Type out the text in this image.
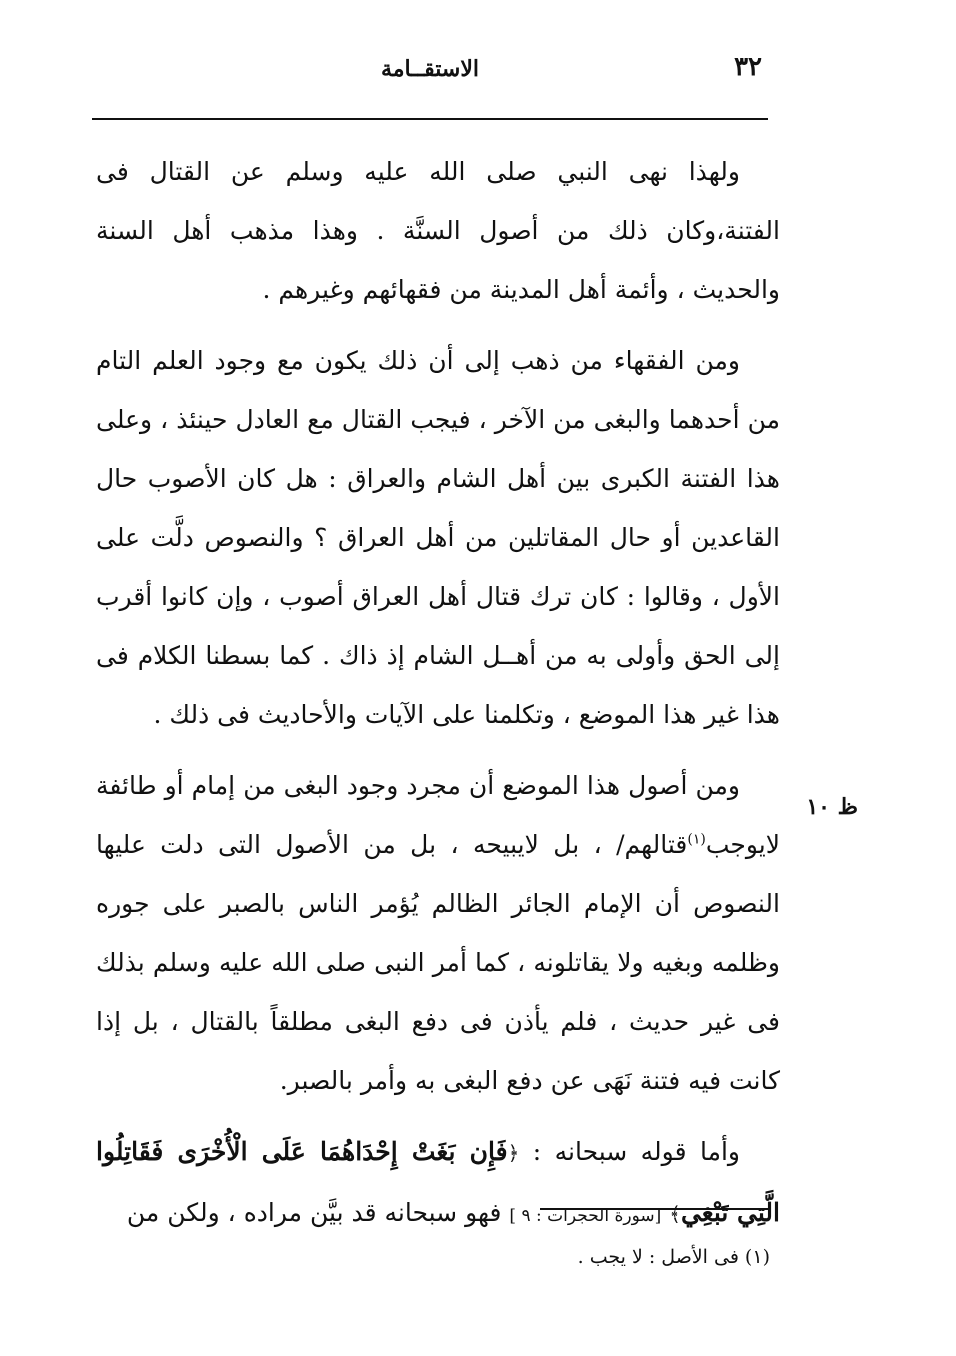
٣٢
الاستقــامة
ظ ١٠

ولهذا نهى النبي صلى الله عليه وسلم عن القتال فى الفتنة،وكان ذلك من أصول السنَّة . وهذا مذهب أهل السنة والحديث ، وأئمة أهل المدينة من فقهائهم وغيرهم .

ومن الفقهاء من ذهب إلى أن ذلك يكون مع وجود العلم التام من أحدهما والبغى من الآخر ، فيجب القتال مع العادل حينئذ ، وعلى هذا الفتنة الكبرى بين أهل الشام والعراق : هل كان الأصوب حال القاعدين أو حال المقاتلين من أهل العراق ؟ والنصوص دلَّت على الأول ، وقالوا : كان ترك قتال أهل العراق أصوب ، وإن كانوا أقرب إلى الحق وأولى به من أهــل الشام إذ ذاك . كما بسطنا الكلام فى هذا غير هذا الموضع ، وتكلمنا على الآيات والأحاديث فى ذلك .

ومن أصول هذا الموضع أن مجرد وجود البغى من إمام أو طائفة لايوجب$^{(١)}$قتالهم/ ، بل لايبيحه ، بل من الأصول التى دلت عليها النصوص أن الإمام الجائر الظالم يُؤمر الناس بالصبر على جوره وظلمه وبغيه ولا يقاتلونه ، كما أمر النبى صلى الله عليه وسلم بذلك فى غير حديث ، فلم يأذن فى دفع البغى مطلقاً بالقتال ، بل إذا كانت فيه فتنة نَهَى عن دفع البغى به وأمر بالصبر.

وأما قوله سبحانه : ﴿فَإِن بَغَتْ إِحْدَاهُمَا عَلَى الْأُخْرَى فَقَاتِلُوا الَّتِي تَبْغِي﴾ [سورة الحجرات : ٩ ] فهو سبحانه قد بيَّن مراده ، ولكن من

(١) فى الأصل : لا يجب .
